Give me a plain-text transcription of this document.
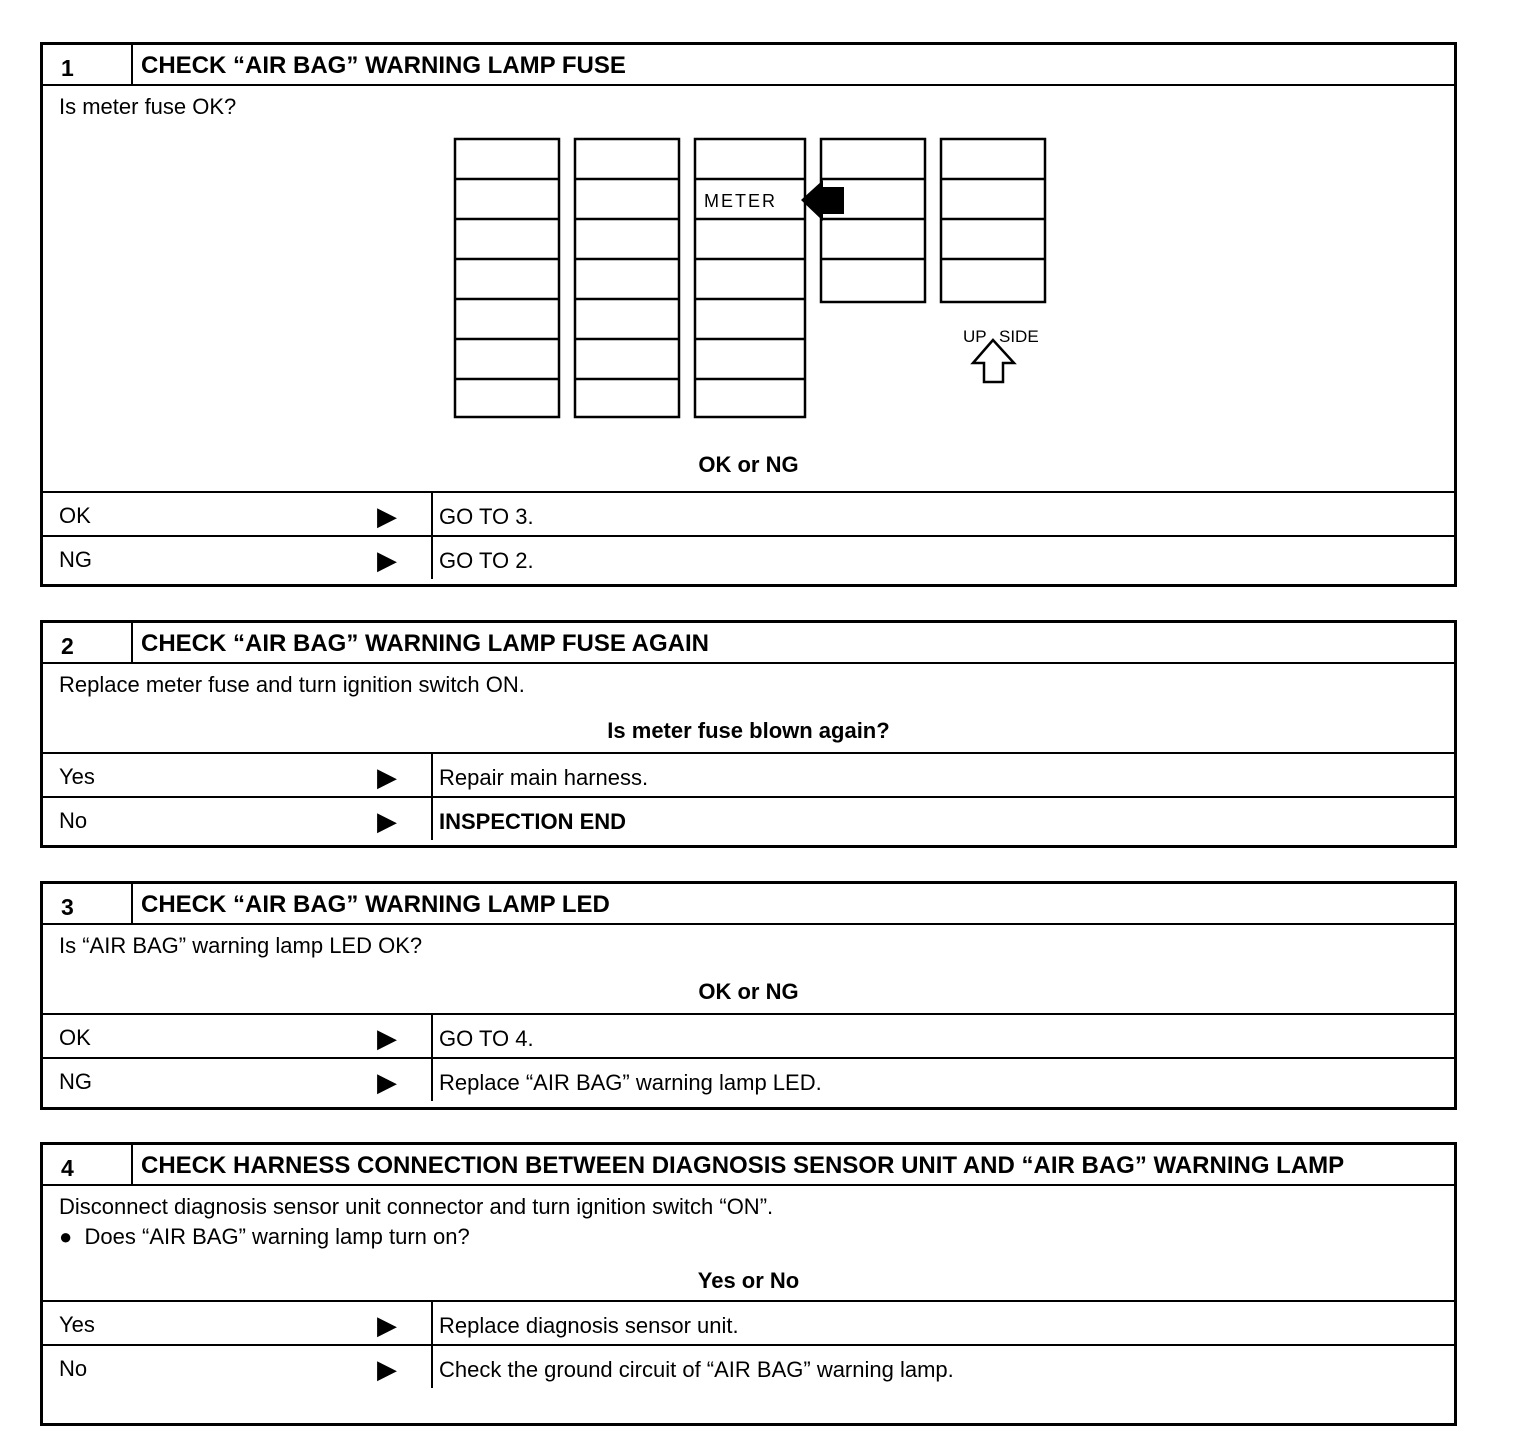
1	CHECK “AIR BAG” WARNING LAMP FUSE
Is meter fuse OK?
METER
UP SIDE
OK or NG
OK	▶ GO TO 3.
NG	▶ GO TO 2.
2	CHECK “AIR BAG” WARNING LAMP FUSE AGAIN
Replace meter fuse and turn ignition switch ON.
Is meter fuse blown again?
Yes	▶ Repair main harness.
No	▶ INSPECTION END
3	CHECK “AIR BAG” WARNING LAMP LED
Is “AIR BAG” warning lamp LED OK?
OK or NG
OK	▶ GO TO 4.
NG	▶ Replace “AIR BAG” warning lamp LED.
4	CHECK HARNESS CONNECTION BETWEEN DIAGNOSIS SENSOR UNIT AND “AIR BAG” WARNING LAMP
Disconnect diagnosis sensor unit connector and turn ignition switch “ON”.
● Does “AIR BAG” warning lamp turn on?
Yes or No
Yes	▶ Replace diagnosis sensor unit.
No	▶ Check the ground circuit of “AIR BAG” warning lamp.
